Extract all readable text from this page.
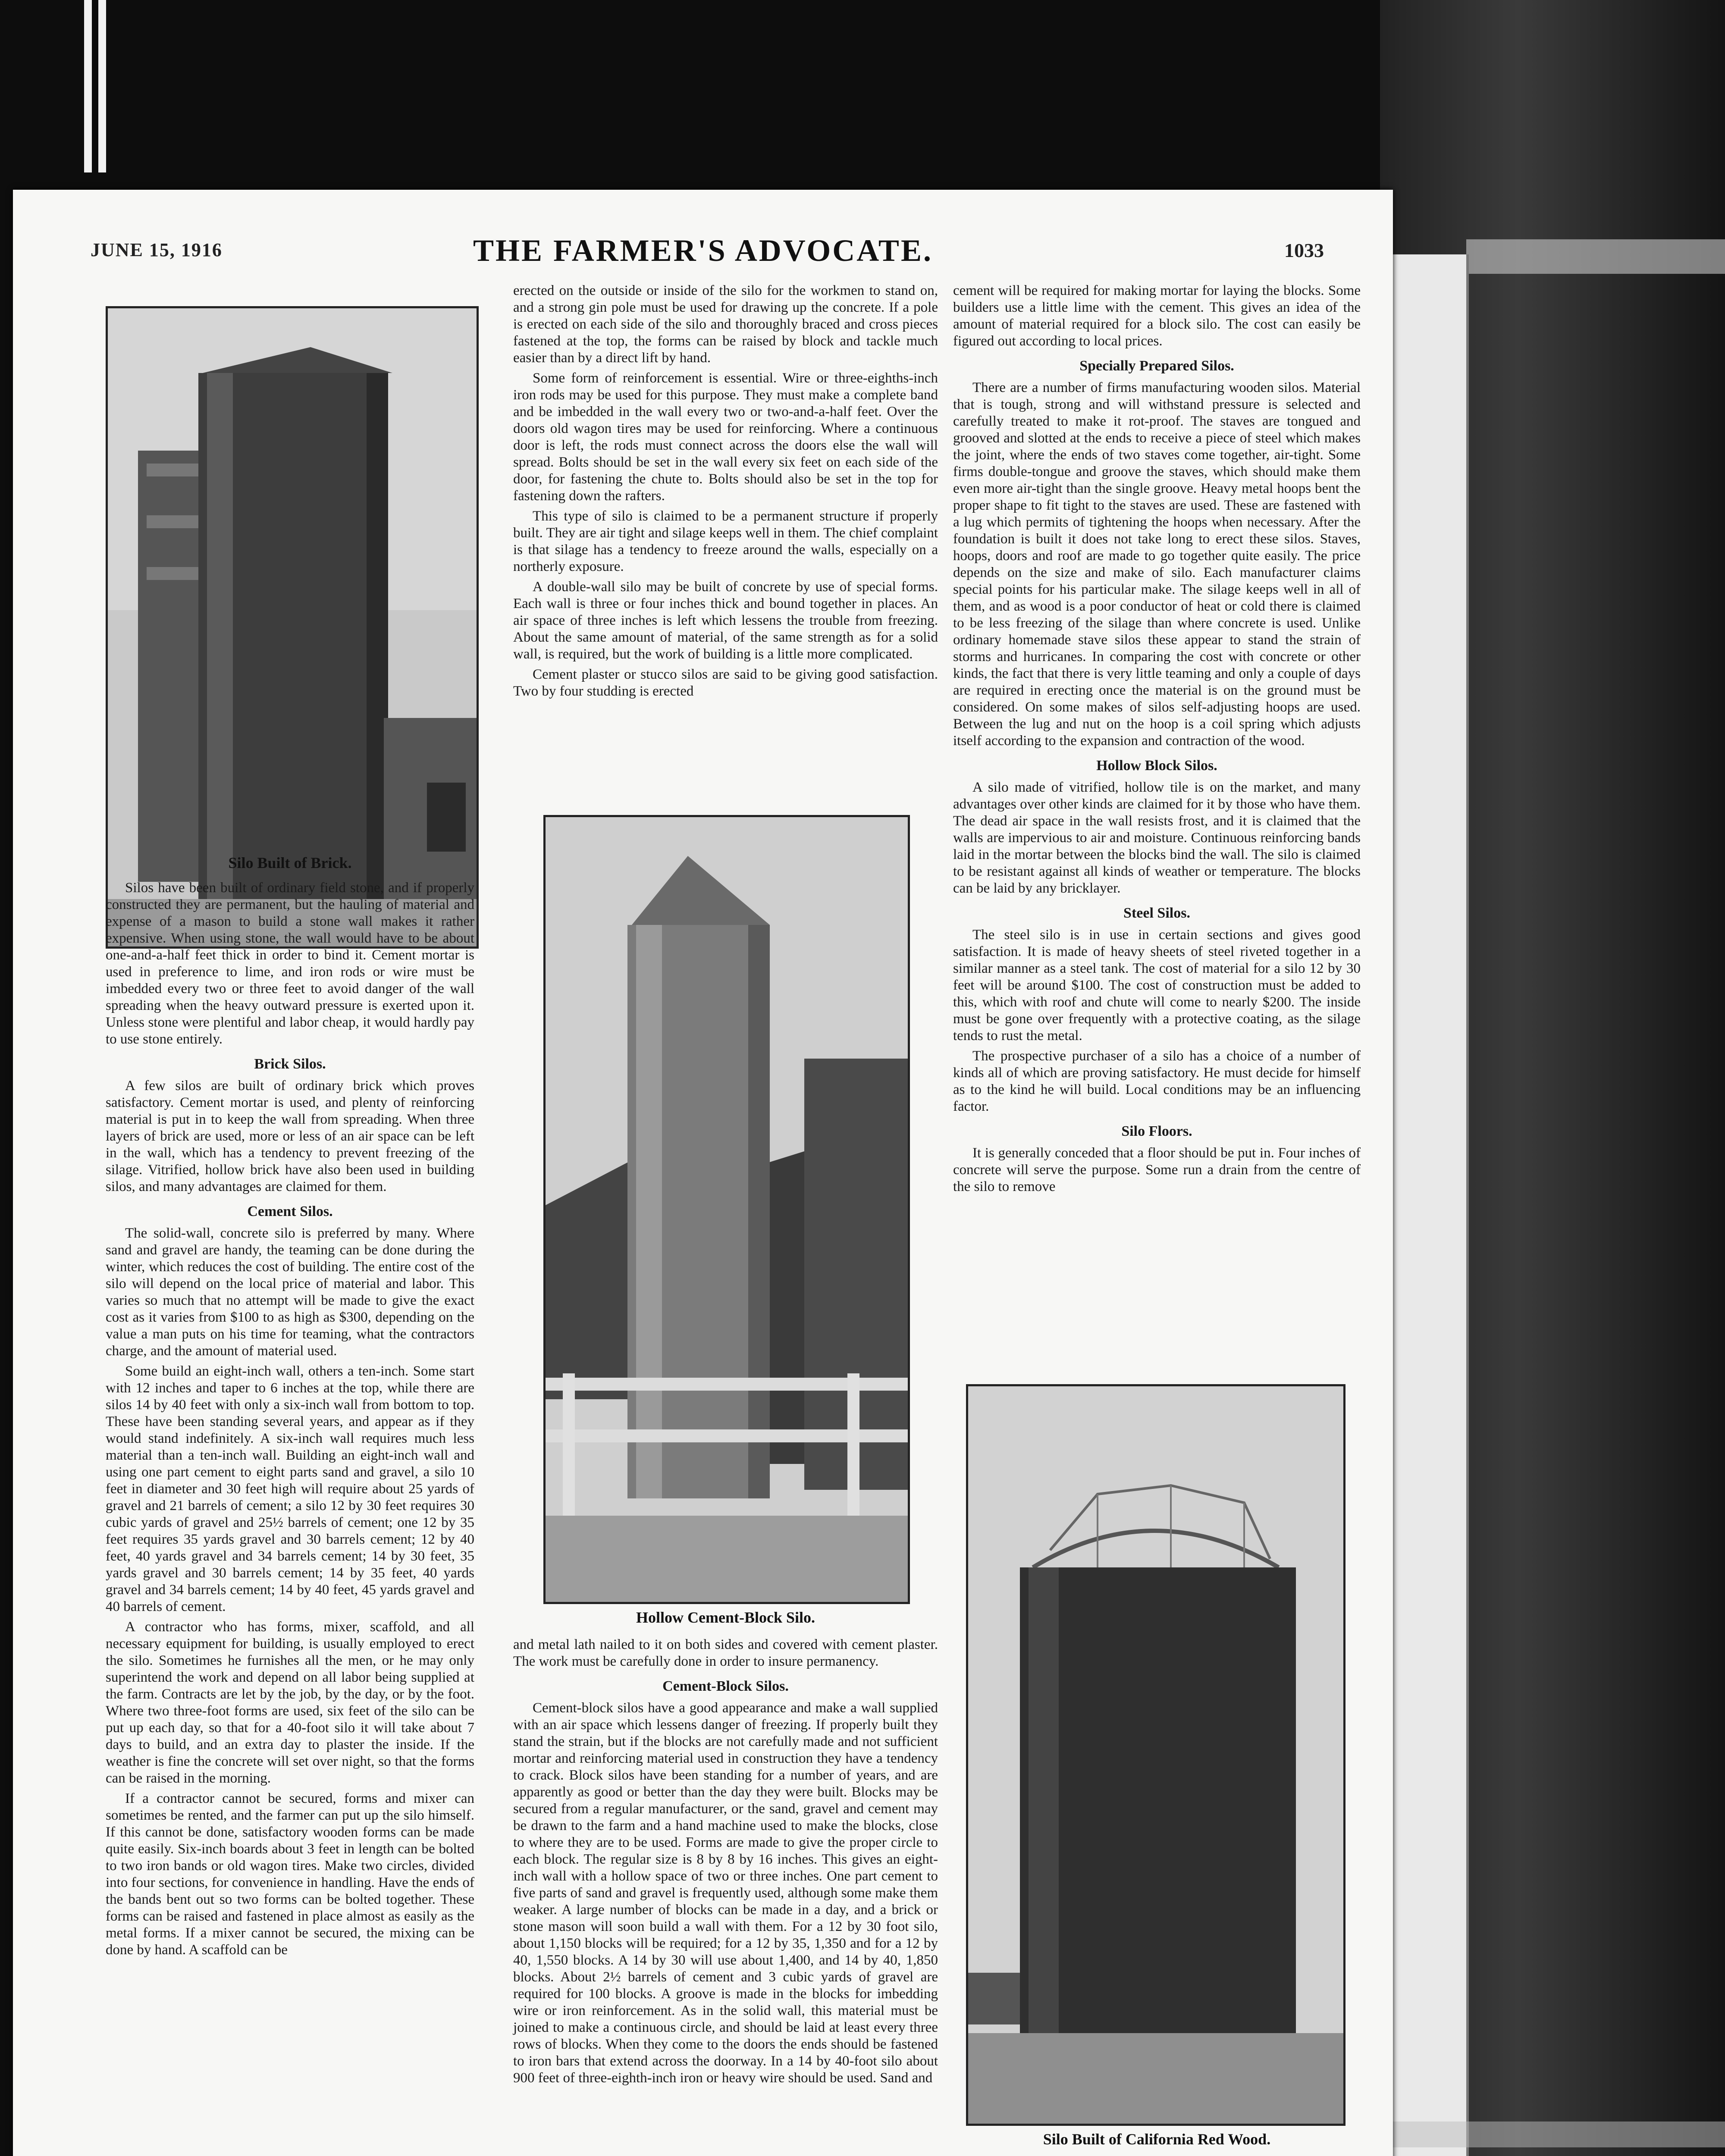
JUNE 15, 1916	THE FARMER'S ADVOCATE.	1033
Silo Built of Brick.

Silos have been built of ordinary field stone, and if properly constructed they are permanent, but the hauling of material and expense of a mason to build a stone wall makes it rather expensive. When using stone, the wall would have to be about one-and-a-half feet thick in order to bind it. Cement mortar is used in preference to lime, and iron rods or wire must be imbedded every two or three feet to avoid danger of the wall spreading when the heavy outward pressure is exerted upon it. Unless stone were plentiful and labor cheap, it would hardly pay to use stone entirely.

Brick Silos.

A few silos are built of ordinary brick which proves satisfactory. Cement mortar is used, and plenty of reinforcing material is put in to keep the wall from spreading. When three layers of brick are used, more or less of an air space can be left in the wall, which has a tendency to prevent freezing of the silage. Vitrified, hollow brick have also been used in building silos, and many advantages are claimed for them.

Cement Silos.

The solid-wall, concrete silo is preferred by many. Where sand and gravel are handy, the teaming can be done during the winter, which reduces the cost of building. The entire cost of the silo will depend on the local price of material and labor. This varies so much that no attempt will be made to give the exact cost as it varies from $100 to as high as $300, depending on the value a man puts on his time for teaming, what the contractors charge, and the amount of material used.

Some build an eight-inch wall, others a ten-inch. Some start with 12 inches and taper to 6 inches at the top, while there are silos 14 by 40 feet with only a six-inch wall from bottom to top. These have been standing several years, and appear as if they would stand indefinitely. A six-inch wall requires much less material than a ten-inch wall. Building an eight-inch wall and using one part cement to eight parts sand and gravel, a silo 10 feet in diameter and 30 feet high will require about 25 yards of gravel and 21 barrels of cement; a silo 12 by 30 feet requires 30 cubic yards of gravel and 25½ barrels of cement; one 12 by 35 feet requires 35 yards gravel and 30 barrels cement; 12 by 40 feet, 40 yards gravel and 34 barrels cement; 14 by 30 feet, 35 yards gravel and 30 barrels cement; 14 by 35 feet, 40 yards gravel and 34 barrels cement; 14 by 40 feet, 45 yards gravel and 40 barrels of cement.

A contractor who has forms, mixer, scaffold, and all necessary equipment for building, is usually employed to erect the silo. Sometimes he furnishes all the men, or he may only superintend the work and depend on all labor being supplied at the farm. Contracts are let by the job, by the day, or by the foot. Where two three-foot forms are used, six feet of the silo can be put up each day, so that for a 40-foot silo it will take about 7 days to build, and an extra day to plaster the inside. If the weather is fine the concrete will set over night, so that the forms can be raised in the morning.

If a contractor cannot be secured, forms and mixer can sometimes be rented, and the farmer can put up the silo himself. If this cannot be done, satisfactory wooden forms can be made quite easily. Six-inch boards about 3 feet in length can be bolted to two iron bands or old wagon tires. Make two circles, divided into four sections, for convenience in handling. Have the ends of the bands bent out so two forms can be bolted together. These forms can be raised and fastened in place almost as easily as the metal forms. If a mixer cannot be secured, the mixing can be done by hand. A scaffold can be

erected on the outside or inside of the silo for the workmen to stand on, and a strong gin pole must be used for drawing up the concrete. If a pole is erected on each side of the silo and thoroughly braced and cross pieces fastened at the top, the forms can be raised by block and tackle much easier than by a direct lift by hand.

Some form of reinforcement is essential. Wire or three-eighths-inch iron rods may be used for this purpose. They must make a complete band and be imbedded in the wall every two or two-and-a-half feet. Over the doors old wagon tires may be used for reinforcing. Where a continuous door is left, the rods must connect across the doors else the wall will spread. Bolts should be set in the wall every six feet on each side of the door, for fastening the chute to. Bolts should also be set in the top for fastening down the rafters.

This type of silo is claimed to be a permanent structure if properly built. They are air tight and silage keeps well in them. The chief complaint is that silage has a tendency to freeze around the walls, especially on a northerly exposure.

A double-wall silo may be built of concrete by use of special forms. Each wall is three or four inches thick and bound together in places. An air space of three inches is left which lessens the trouble from freezing. About the same amount of material, of the same strength as for a solid wall, is required, but the work of building is a little more complicated.

Cement plaster or stucco silos are said to be giving good satisfaction. Two by four studding is erected

Hollow Cement-Block Silo.

and metal lath nailed to it on both sides and covered with cement plaster. The work must be carefully done in order to insure permanency.

Cement-Block Silos.

Cement-block silos have a good appearance and make a wall supplied with an air space which lessens danger of freezing. If properly built they stand the strain, but if the blocks are not carefully made and not sufficient mortar and reinforcing material used in construction they have a tendency to crack. Block silos have been standing for a number of years, and are apparently as good or better than the day they were built. Blocks may be secured from a regular manufacturer, or the sand, gravel and cement may be drawn to the farm and a hand machine used to make the blocks, close to where they are to be used. Forms are made to give the proper circle to each block. The regular size is 8 by 8 by 16 inches. This gives an eight-inch wall with a hollow space of two or three inches. One part cement to five parts of sand and gravel is frequently used, although some make them weaker. A large number of blocks can be made in a day, and a brick or stone mason will soon build a wall with them. For a 12 by 30 foot silo, about 1,150 blocks will be required; for a 12 by 35, 1,350 and for a 12 by 40, 1,550 blocks. A 14 by 30 will use about 1,400, and 14 by 40, 1,850 blocks. About 2½ barrels of cement and 3 cubic yards of gravel are required for 100 blocks. A groove is made in the blocks for imbedding wire or iron reinforcement. As in the solid wall, this material must be joined to make a continuous circle, and should be laid at least every three rows of blocks. When they come to the doors the ends should be fastened to iron bars that extend across the doorway. In a 14 by 40-foot silo about 900 feet of three-eighth-inch iron or heavy wire should be used. Sand and

cement will be required for making mortar for laying the blocks. Some builders use a little lime with the cement. This gives an idea of the amount of material required for a block silo. The cost can easily be figured out according to local prices.

Specially Prepared Silos.

There are a number of firms manufacturing wooden silos. Material that is tough, strong and will withstand pressure is selected and carefully treated to make it rot-proof. The staves are tongued and grooved and slotted at the ends to receive a piece of steel which makes the joint, where the ends of two staves come together, air-tight. Some firms double-tongue and groove the staves, which should make them even more air-tight than the single groove. Heavy metal hoops bent the proper shape to fit tight to the staves are used. These are fastened with a lug which permits of tightening the hoops when necessary. After the foundation is built it does not take long to erect these silos. Staves, hoops, doors and roof are made to go together quite easily. The price depends on the size and make of silo. Each manufacturer claims special points for his particular make. The silage keeps well in all of them, and as wood is a poor conductor of heat or cold there is claimed to be less freezing of the silage than where concrete is used. Unlike ordinary homemade stave silos these appear to stand the strain of storms and hurricanes. In comparing the cost with concrete or other kinds, the fact that there is very little teaming and only a couple of days are required in erecting once the material is on the ground must be considered. On some makes of silos self-adjusting hoops are used. Between the lug and nut on the hoop is a coil spring which adjusts itself according to the expansion and contraction of the wood.

Hollow Block Silos.

A silo made of vitrified, hollow tile is on the market, and many advantages over other kinds are claimed for it by those who have them. The dead air space in the wall resists frost, and it is claimed that the walls are impervious to air and moisture. Continuous reinforcing bands laid in the mortar between the blocks bind the wall. The silo is claimed to be resistant against all kinds of weather or temperature. The blocks can be laid by any bricklayer.

Steel Silos.

The steel silo is in use in certain sections and gives good satisfaction. It is made of heavy sheets of steel riveted together in a similar manner as a steel tank. The cost of material for a silo 12 by 30 feet will be around $100. The cost of construction must be added to this, which with roof and chute will come to nearly $200. The inside must be gone over frequently with a protective coating, as the silage tends to rust the metal.

The prospective purchaser of a silo has a choice of a number of kinds all of which are proving satisfactory. He must decide for himself as to the kind he will build. Local conditions may be an influencing factor.

Silo Floors.

It is generally conceded that a floor should be put in. Four inches of concrete will serve the purpose. Some run a drain from the centre of the silo to remove

Silo Built of California Red Wood.
